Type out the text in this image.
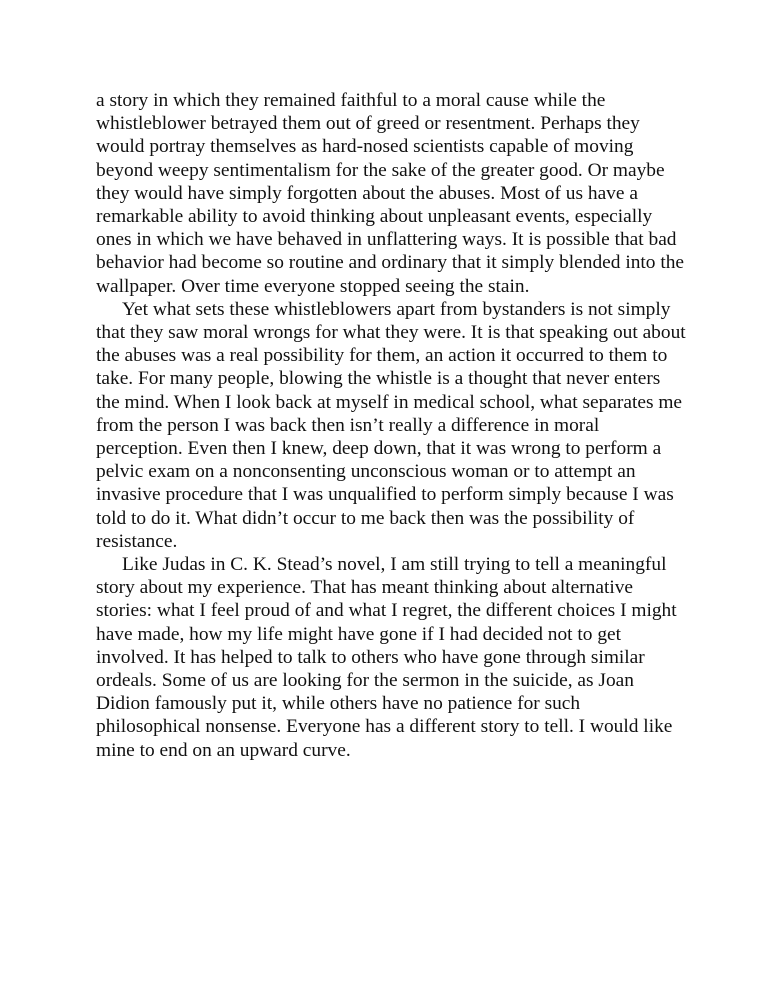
a story in which they remained faithful to a moral cause while the
whistleblower betrayed them out of greed or resentment. Perhaps they
would portray themselves as hard-nosed scientists capable of moving
beyond weepy sentimentalism for the sake of the greater good. Or maybe
they would have simply forgotten about the abuses. Most of us have a
remarkable ability to avoid thinking about unpleasant events, especially
ones in which we have behaved in unflattering ways. It is possible that bad
behavior had become so routine and ordinary that it simply blended into the
wallpaper. Over time everyone stopped seeing the stain.
Yet what sets these whistleblowers apart from bystanders is not simply
that they saw moral wrongs for what they were. It is that speaking out about
the abuses was a real possibility for them, an action it occurred to them to
take. For many people, blowing the whistle is a thought that never enters
the mind. When I look back at myself in medical school, what separates me
from the person I was back then isn’t really a difference in moral
perception. Even then I knew, deep down, that it was wrong to perform a
pelvic exam on a nonconsenting unconscious woman or to attempt an
invasive procedure that I was unqualified to perform simply because I was
told to do it. What didn’t occur to me back then was the possibility of
resistance.
Like Judas in C. K. Stead’s novel, I am still trying to tell a meaningful
story about my experience. That has meant thinking about alternative
stories: what I feel proud of and what I regret, the different choices I might
have made, how my life might have gone if I had decided not to get
involved. It has helped to talk to others who have gone through similar
ordeals. Some of us are looking for the sermon in the suicide, as Joan
Didion famously put it, while others have no patience for such
philosophical nonsense. Everyone has a different story to tell. I would like
mine to end on an upward curve.
